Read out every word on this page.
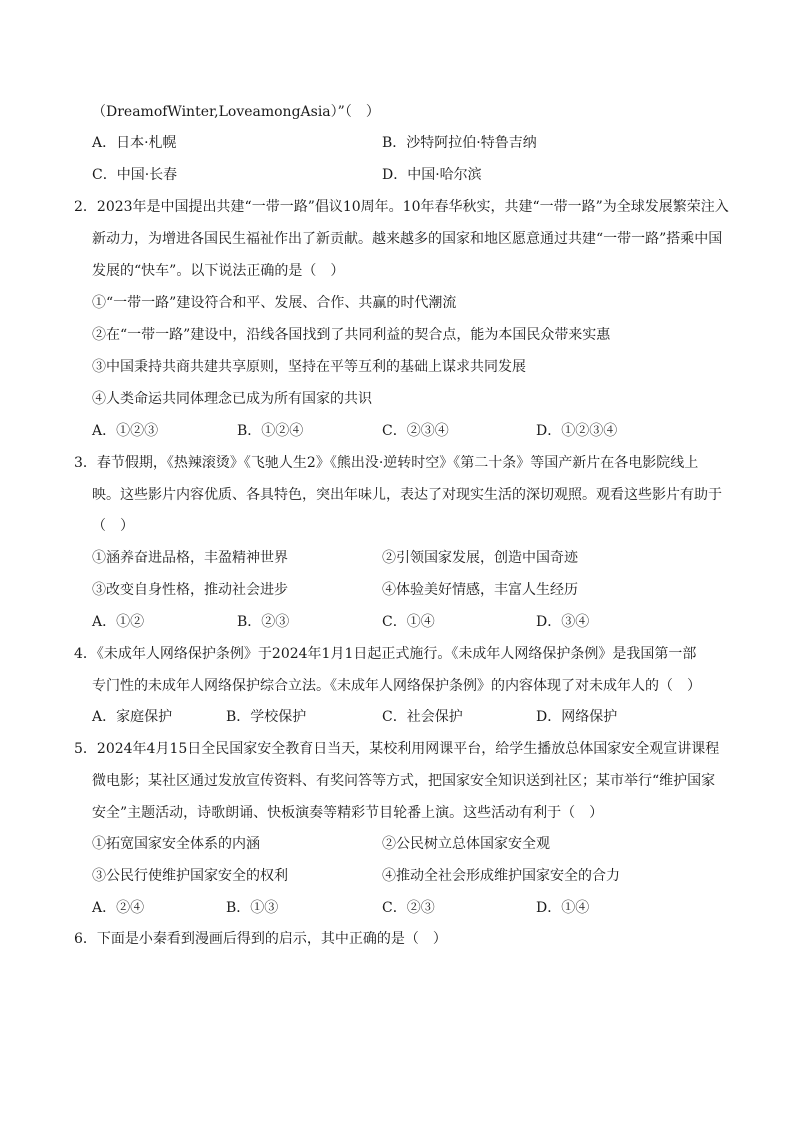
（DreamofWinter,LoveamongAsia）”（　）
A．日本·札幌	B．沙特阿拉伯·特鲁吉纳
C．中国·长春	D．中国·哈尔滨
2．2023年是中国提出共建“一带一路”倡议10周年。10年春华秋实，共建“一带一路”为全球发展繁荣注入
新动力，为增进各国民生福祉作出了新贡献。越来越多的国家和地区愿意通过共建“一带一路”搭乘中国
发展的“快车”。以下说法正确的是（　）
①“一带一路”建设符合和平、发展、合作、共赢的时代潮流
②在“一带一路”建设中，沿线各国找到了共同利益的契合点，能为本国民众带来实惠
③中国秉持共商共建共享原则，坚持在平等互利的基础上谋求共同发展
④人类命运共同体理念已成为所有国家的共识
A．①②③	B．①②④	C．②③④	D．①②③④
3．春节假期，《热辣滚烫》《飞驰人生2》《熊出没·逆转时空》《第二十条》等国产新片在各电影院线上
映。这些影片内容优质、各具特色，突出年味儿，表达了对现实生活的深切观照。观看这些影片有助于
（　）
①涵养奋进品格，丰盈精神世界	②引领国家发展，创造中国奇迹
③改变自身性格，推动社会进步	④体验美好情感，丰富人生经历
A．①②	B．②③	C．①④	D．③④
4．《未成年人网络保护条例》于2024年1月1日起正式施行。《未成年人网络保护条例》是我国第一部
专门性的未成年人网络保护综合立法。《未成年人网络保护条例》的内容体现了对未成年人的（　）
A．家庭保护	B．学校保护	C．社会保护	D．网络保护
5．2024年4月15日全民国家安全教育日当天，某校利用网课平台，给学生播放总体国家安全观宣讲课程
微电影；某社区通过发放宣传资料、有奖问答等方式，把国家安全知识送到社区；某市举行“维护国家
安全”主题活动，诗歌朗诵、快板演奏等精彩节目轮番上演。这些活动有利于（　）
①拓宽国家安全体系的内涵	②公民树立总体国家安全观
③公民行使维护国家安全的权利	④推动全社会形成维护国家安全的合力
A．②④	B．①③	C．②③	D．①④
6．下面是小秦看到漫画后得到的启示，其中正确的是（　）
